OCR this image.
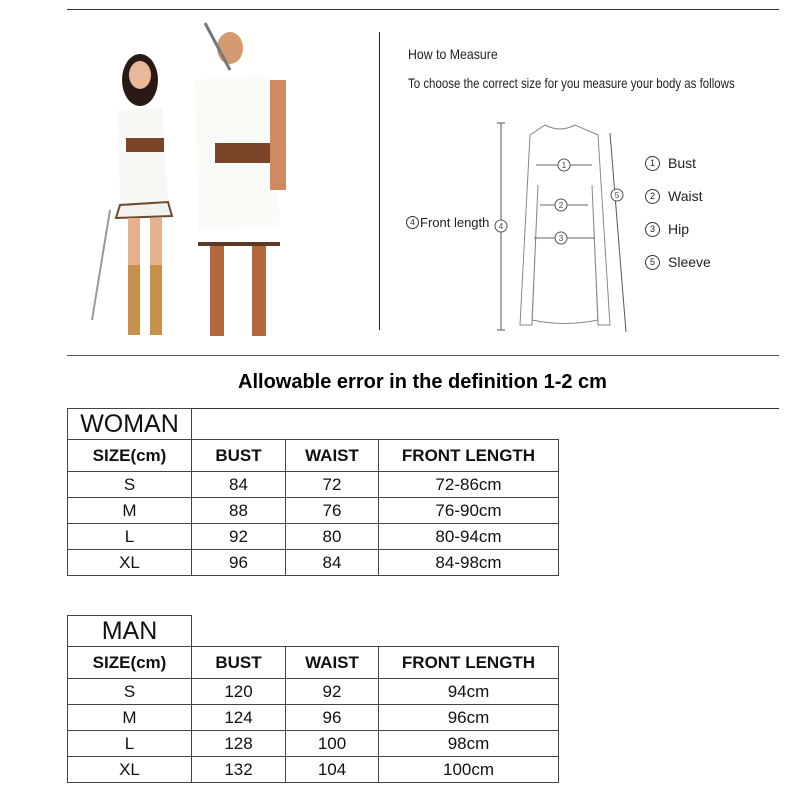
How to Measure
To choose the correct size for you measure your body as follows
1
2
3
4
5
4 Front length
1 Bust
2 Waist
3 Hip
5 Sleeve
Allowable error in the definition 1-2 cm
WOMAN			
SIZE(cm)	BUST	WAIST	FRONT LENGTH
S	84	72	72-86cm
M	88	76	76-90cm
L	92	80	80-94cm
XL	96	84	84-98cm
MAN			
SIZE(cm)	BUST	WAIST	FRONT LENGTH
S	120	92	94cm
M	124	96	96cm
L	128	100	98cm
XL	132	104	100cm
